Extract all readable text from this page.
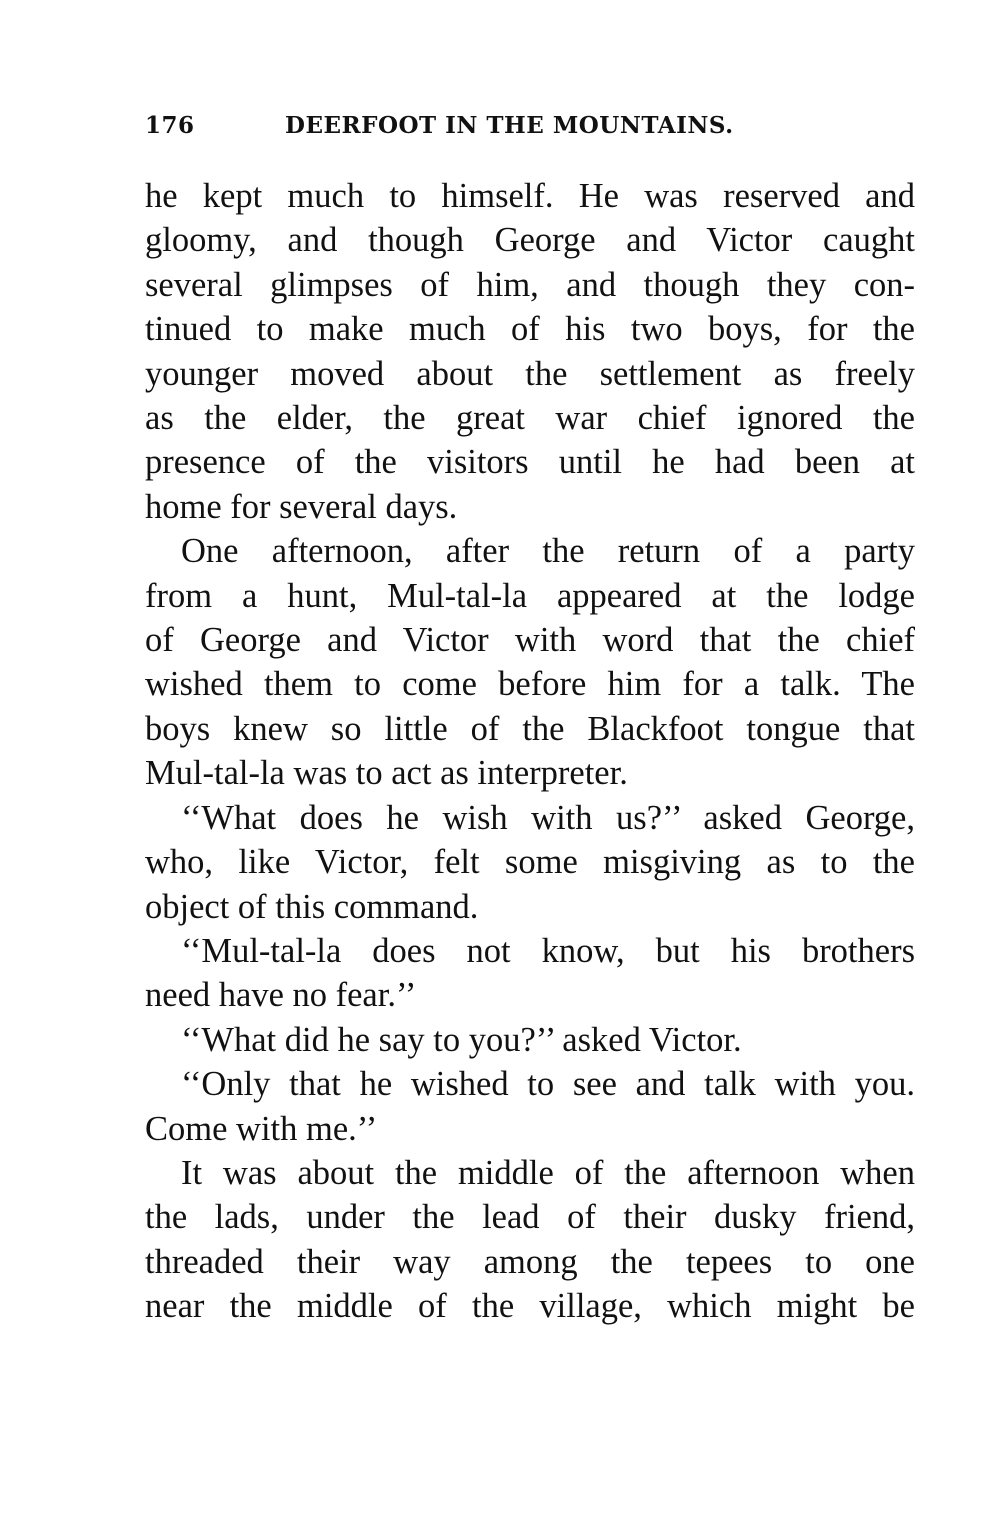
176	DEERFOOT IN THE MOUNTAINS.
he kept much to himself. He was reserved and
gloomy, and though George and Victor caught
several glimpses of him, and though they con-
tinued to make much of his two boys, for the
younger moved about the settlement as freely
as the elder, the great war chief ignored the
presence of the visitors until he had been at
home for several days.
One afternoon, after the return of a party
from a hunt, Mul-tal-la appeared at the lodge
of George and Victor with word that the chief
wished them to come before him for a talk. The
boys knew so little of the Blackfoot tongue that
Mul-tal-la was to act as interpreter.
‘‘What does he wish with us?’’ asked George,
who, like Victor, felt some misgiving as to the
object of this command.
‘‘Mul-tal-la does not know, but his brothers
need have no fear.’’
‘‘What did he say to you?’’ asked Victor.
‘‘Only that he wished to see and talk with you.
Come with me.’’
It was about the middle of the afternoon when
the lads, under the lead of their dusky friend,
threaded their way among the tepees to one
near the middle of the village, which might be
